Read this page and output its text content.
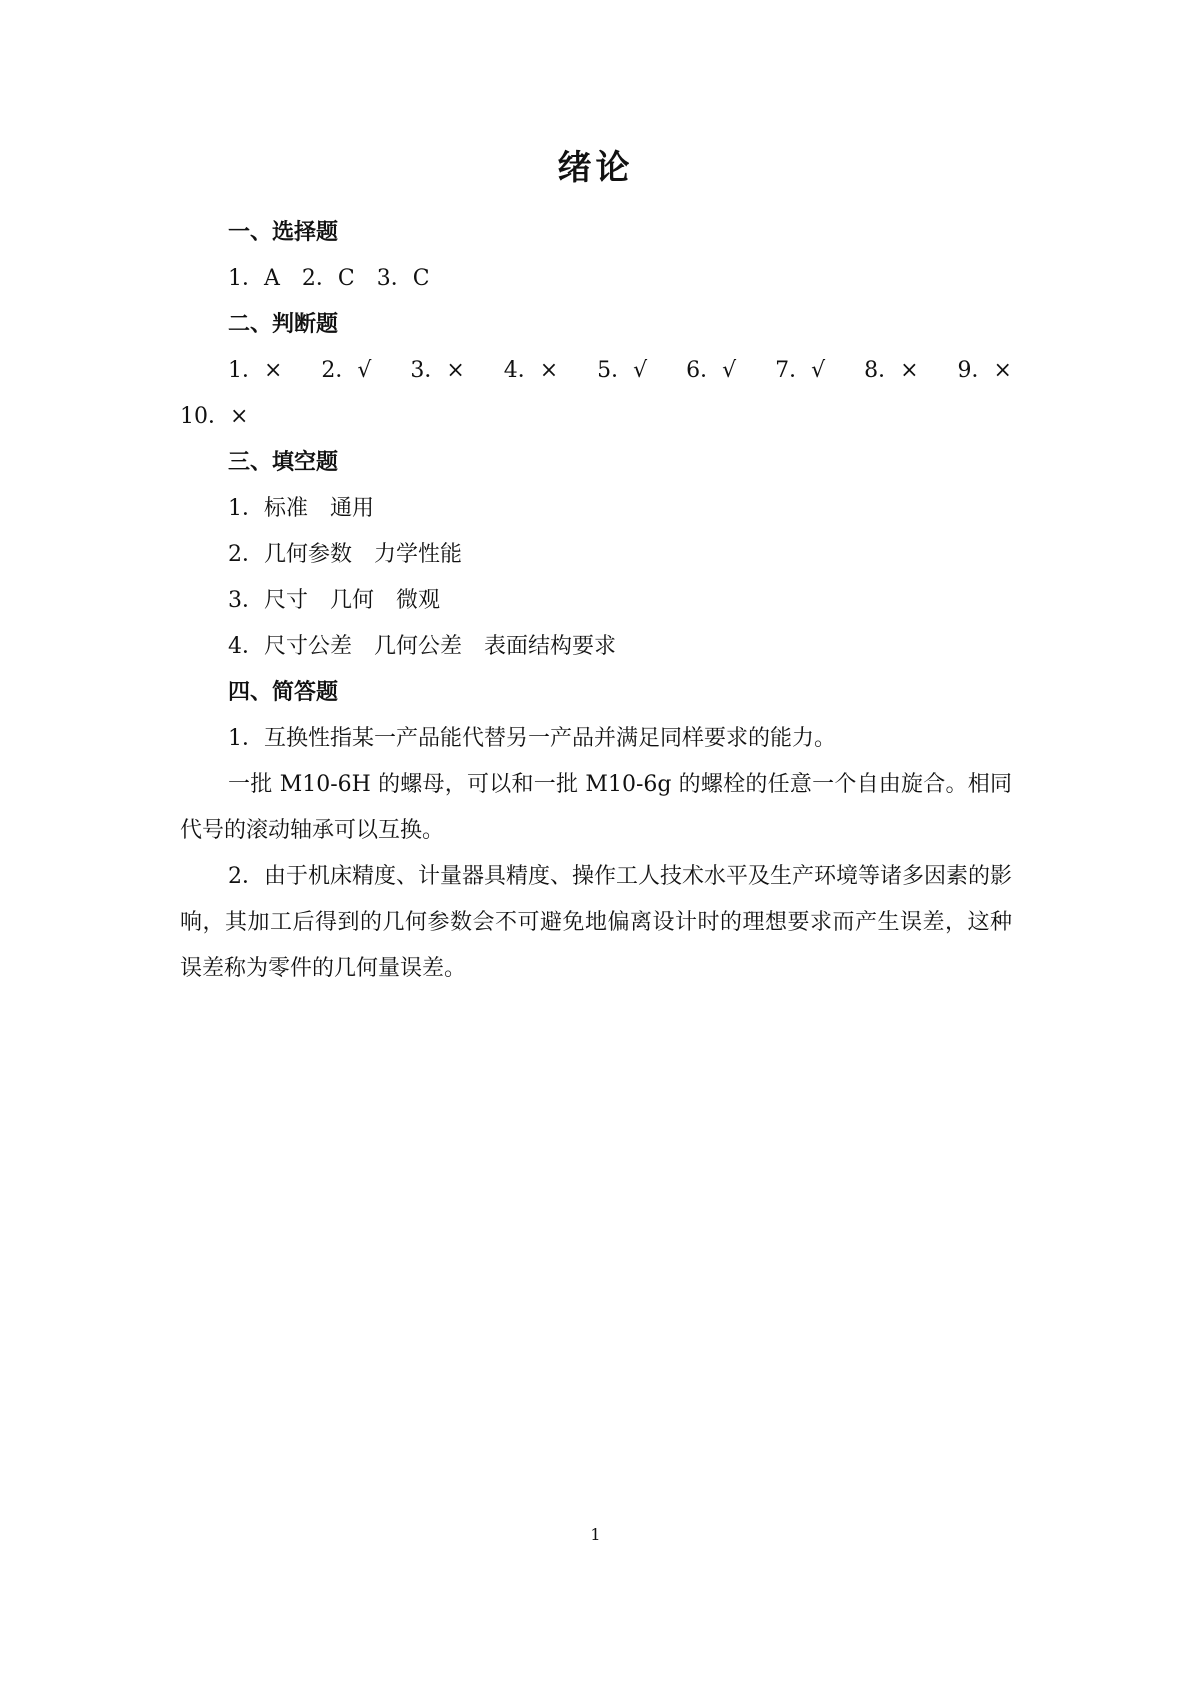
绪论
一、选择题
1．A　2．C　3．C
二、判断题
1．× 2．√ 3．× 4．× 5．√ 6．√ 7．√ 8．× 9．×
10．×
三、填空题
1．标准　通用
2．几何参数　力学性能
3．尺寸　几何　微观
4．尺寸公差　几何公差　表面结构要求
四、简答题
1．互换性指某一产品能代替另一产品并满足同样要求的能力。
一批 M10-6H 的螺母，可以和一批 M10-6g 的螺栓的任意一个自由旋合。相同代号的滚动轴承可以互换。
2．由于机床精度、计量器具精度、操作工人技术水平及生产环境等诸多因素的影响，其加工后得到的几何参数会不可避免地偏离设计时的理想要求而产生误差，这种误差称为零件的几何量误差。
1
